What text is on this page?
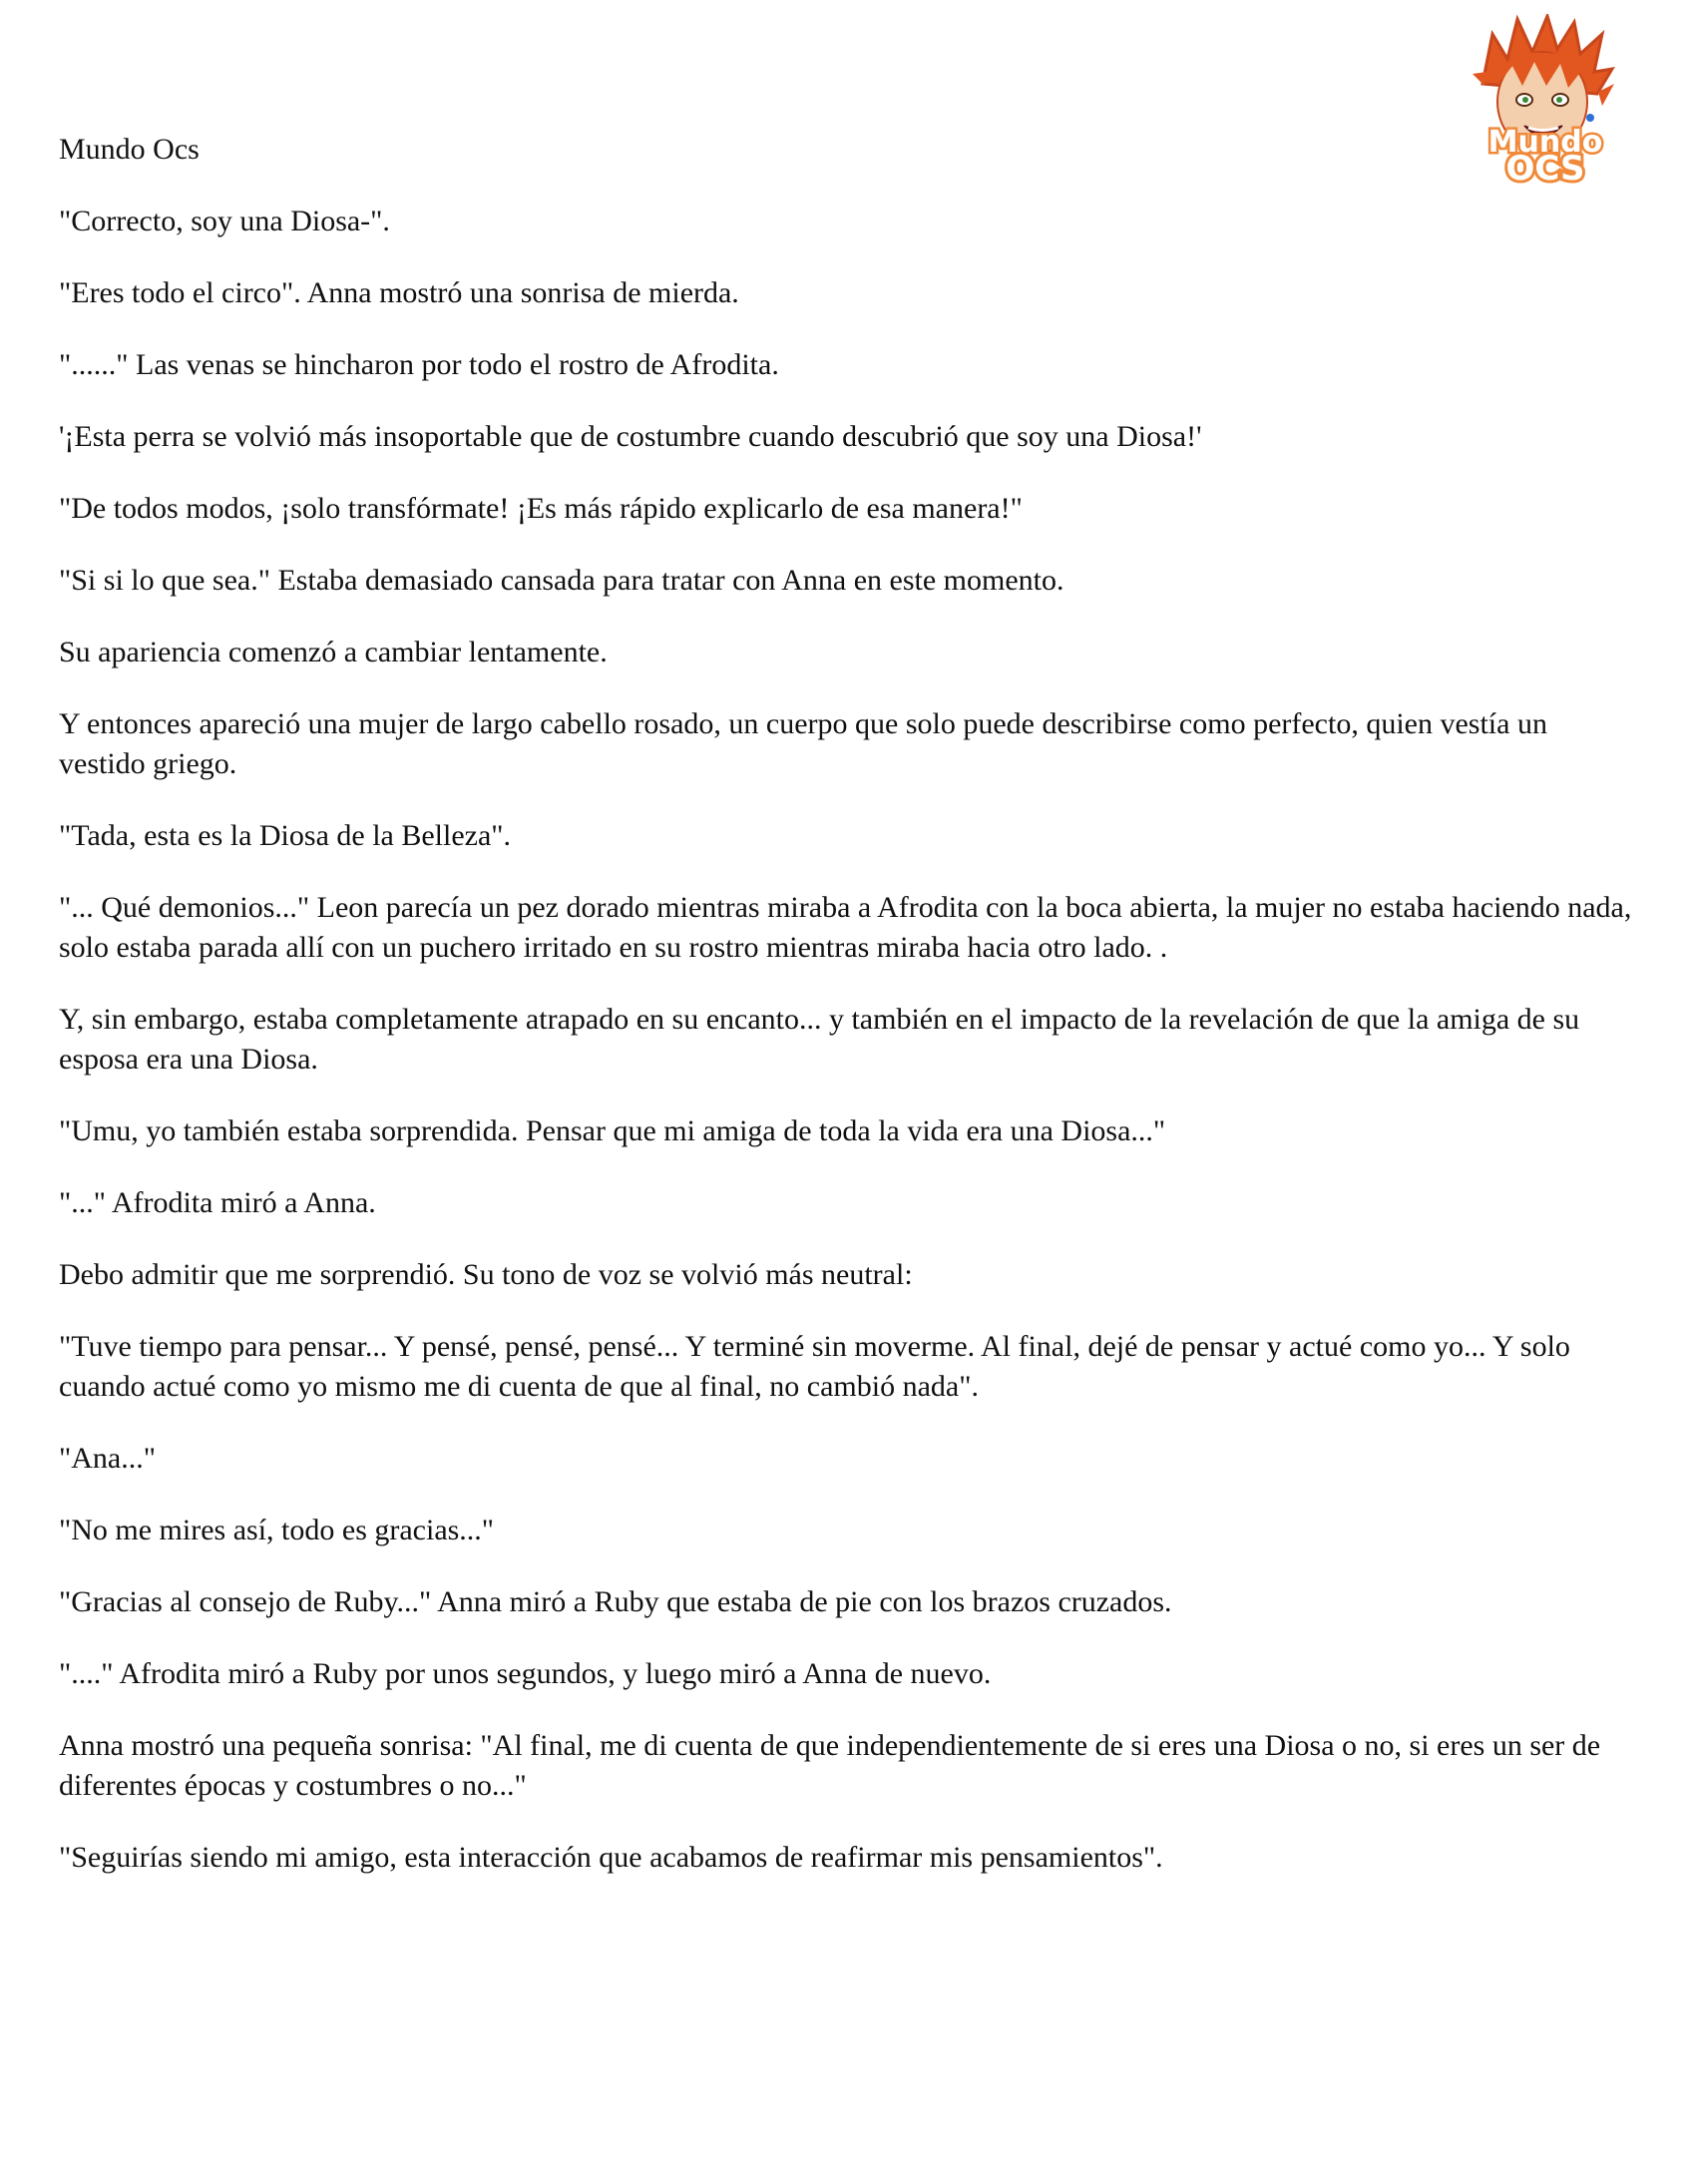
Mundo
OCS

Mundo Ocs

"Correcto, soy una Diosa-".

"Eres todo el circo". Anna mostró una sonrisa de mierda.

"......" Las venas se hincharon por todo el rostro de Afrodita.

'¡Esta perra se volvió más insoportable que de costumbre cuando descubrió que soy una Diosa!'

"De todos modos, ¡solo transfórmate! ¡Es más rápido explicarlo de esa manera!"

"Si si lo que sea." Estaba demasiado cansada para tratar con Anna en este momento.

Su apariencia comenzó a cambiar lentamente.

Y entonces apareció una mujer de largo cabello rosado, un cuerpo que solo puede describirse como perfecto, quien vestía un vestido griego.

"Tada, esta es la Diosa de la Belleza".

"... Qué demonios..." Leon parecía un pez dorado mientras miraba a Afrodita con la boca abierta, la mujer no estaba haciendo nada, solo estaba parada allí con un puchero irritado en su rostro mientras miraba hacia otro lado. .

Y, sin embargo, estaba completamente atrapado en su encanto... y también en el impacto de la revelación de que la amiga de su esposa era una Diosa.

"Umu, yo también estaba sorprendida. Pensar que mi amiga de toda la vida era una Diosa..."

"..." Afrodita miró a Anna.

Debo admitir que me sorprendió. Su tono de voz se volvió más neutral:

"Tuve tiempo para pensar... Y pensé, pensé, pensé... Y terminé sin moverme. Al final, dejé de pensar y actué como yo... Y solo cuando actué como yo mismo me di cuenta de que al final, no cambió nada".

"Ana..."

"No me mires así, todo es gracias..."

"Gracias al consejo de Ruby..." Anna miró a Ruby que estaba de pie con los brazos cruzados.

"...." Afrodita miró a Ruby por unos segundos, y luego miró a Anna de nuevo.

Anna mostró una pequeña sonrisa: "Al final, me di cuenta de que independientemente de si eres una Diosa o no, si eres un ser de diferentes épocas y costumbres o no..."

"Seguirías siendo mi amigo, esta interacción que acabamos de reafirmar mis pensamientos".
